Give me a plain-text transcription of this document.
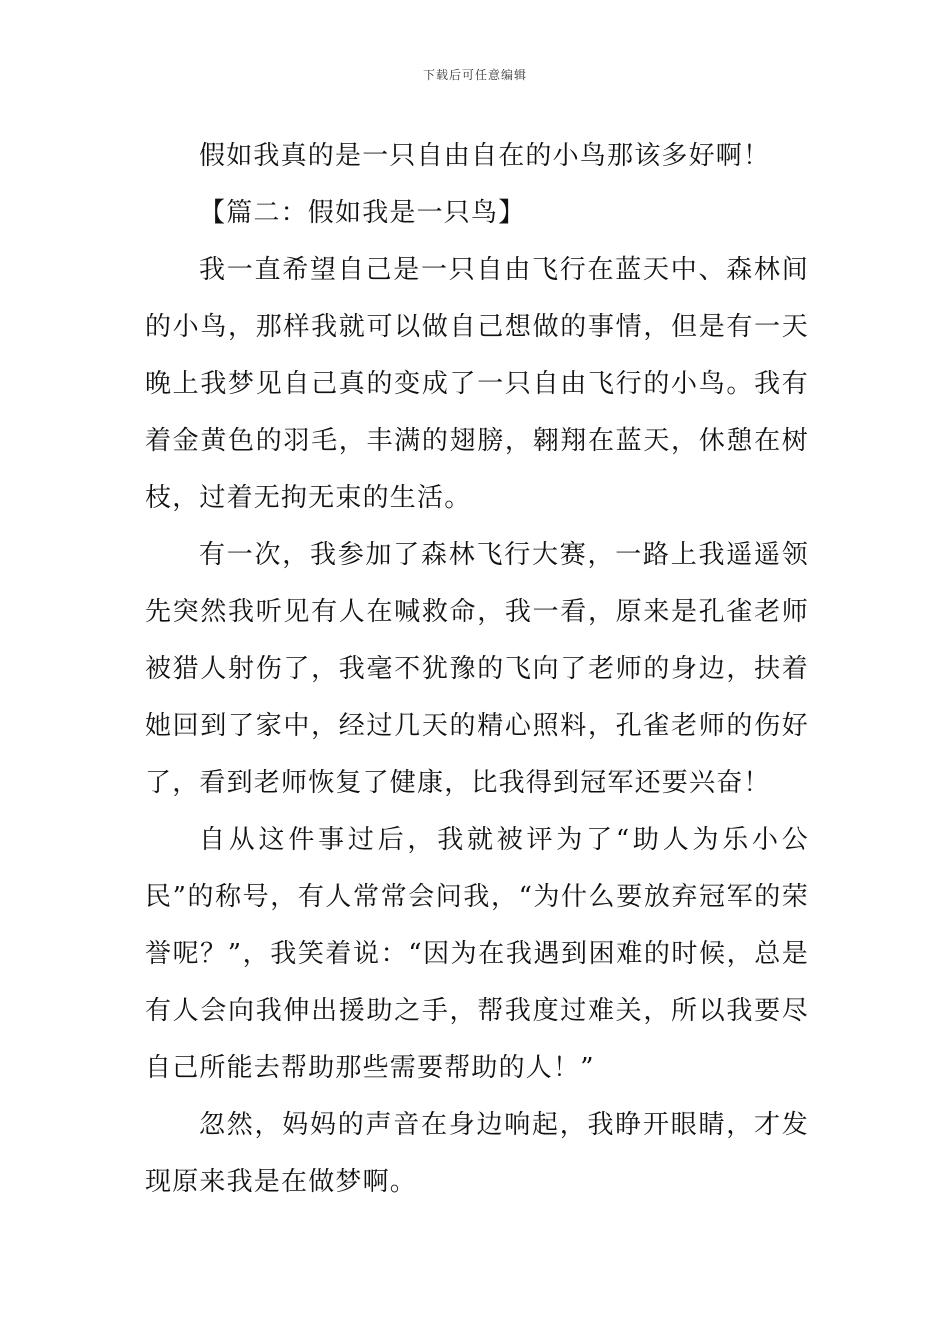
下载后可任意编辑

假如我真的是一只自由自在的小鸟那该多好啊！

【篇二：假如我是一只鸟】

我一直希望自己是一只自由飞行在蓝天中、森林间的小鸟，那样我就可以做自己想做的事情，但是有一天晚上我梦见自己真的变成了一只自由飞行的小鸟。我有着金黄色的羽毛，丰满的翅膀，翱翔在蓝天，休憩在树枝，过着无拘无束的生活。

有一次，我参加了森林飞行大赛，一路上我遥遥领先突然我听见有人在喊救命，我一看，原来是孔雀老师被猎人射伤了，我毫不犹豫的飞向了老师的身边，扶着她回到了家中，经过几天的精心照料，孔雀老师的伤好了，看到老师恢复了健康，比我得到冠军还要兴奋！

自从这件事过后，我就被评为了“助人为乐小公民”的称号，有人常常会问我，“为什么要放弃冠军的荣誉呢？”，我笑着说：“因为在我遇到困难的时候，总是有人会向我伸出援助之手，帮我度过难关，所以我要尽自己所能去帮助那些需要帮助的人！”

忽然，妈妈的声音在身边响起，我睁开眼睛，才发现原来我是在做梦啊。
